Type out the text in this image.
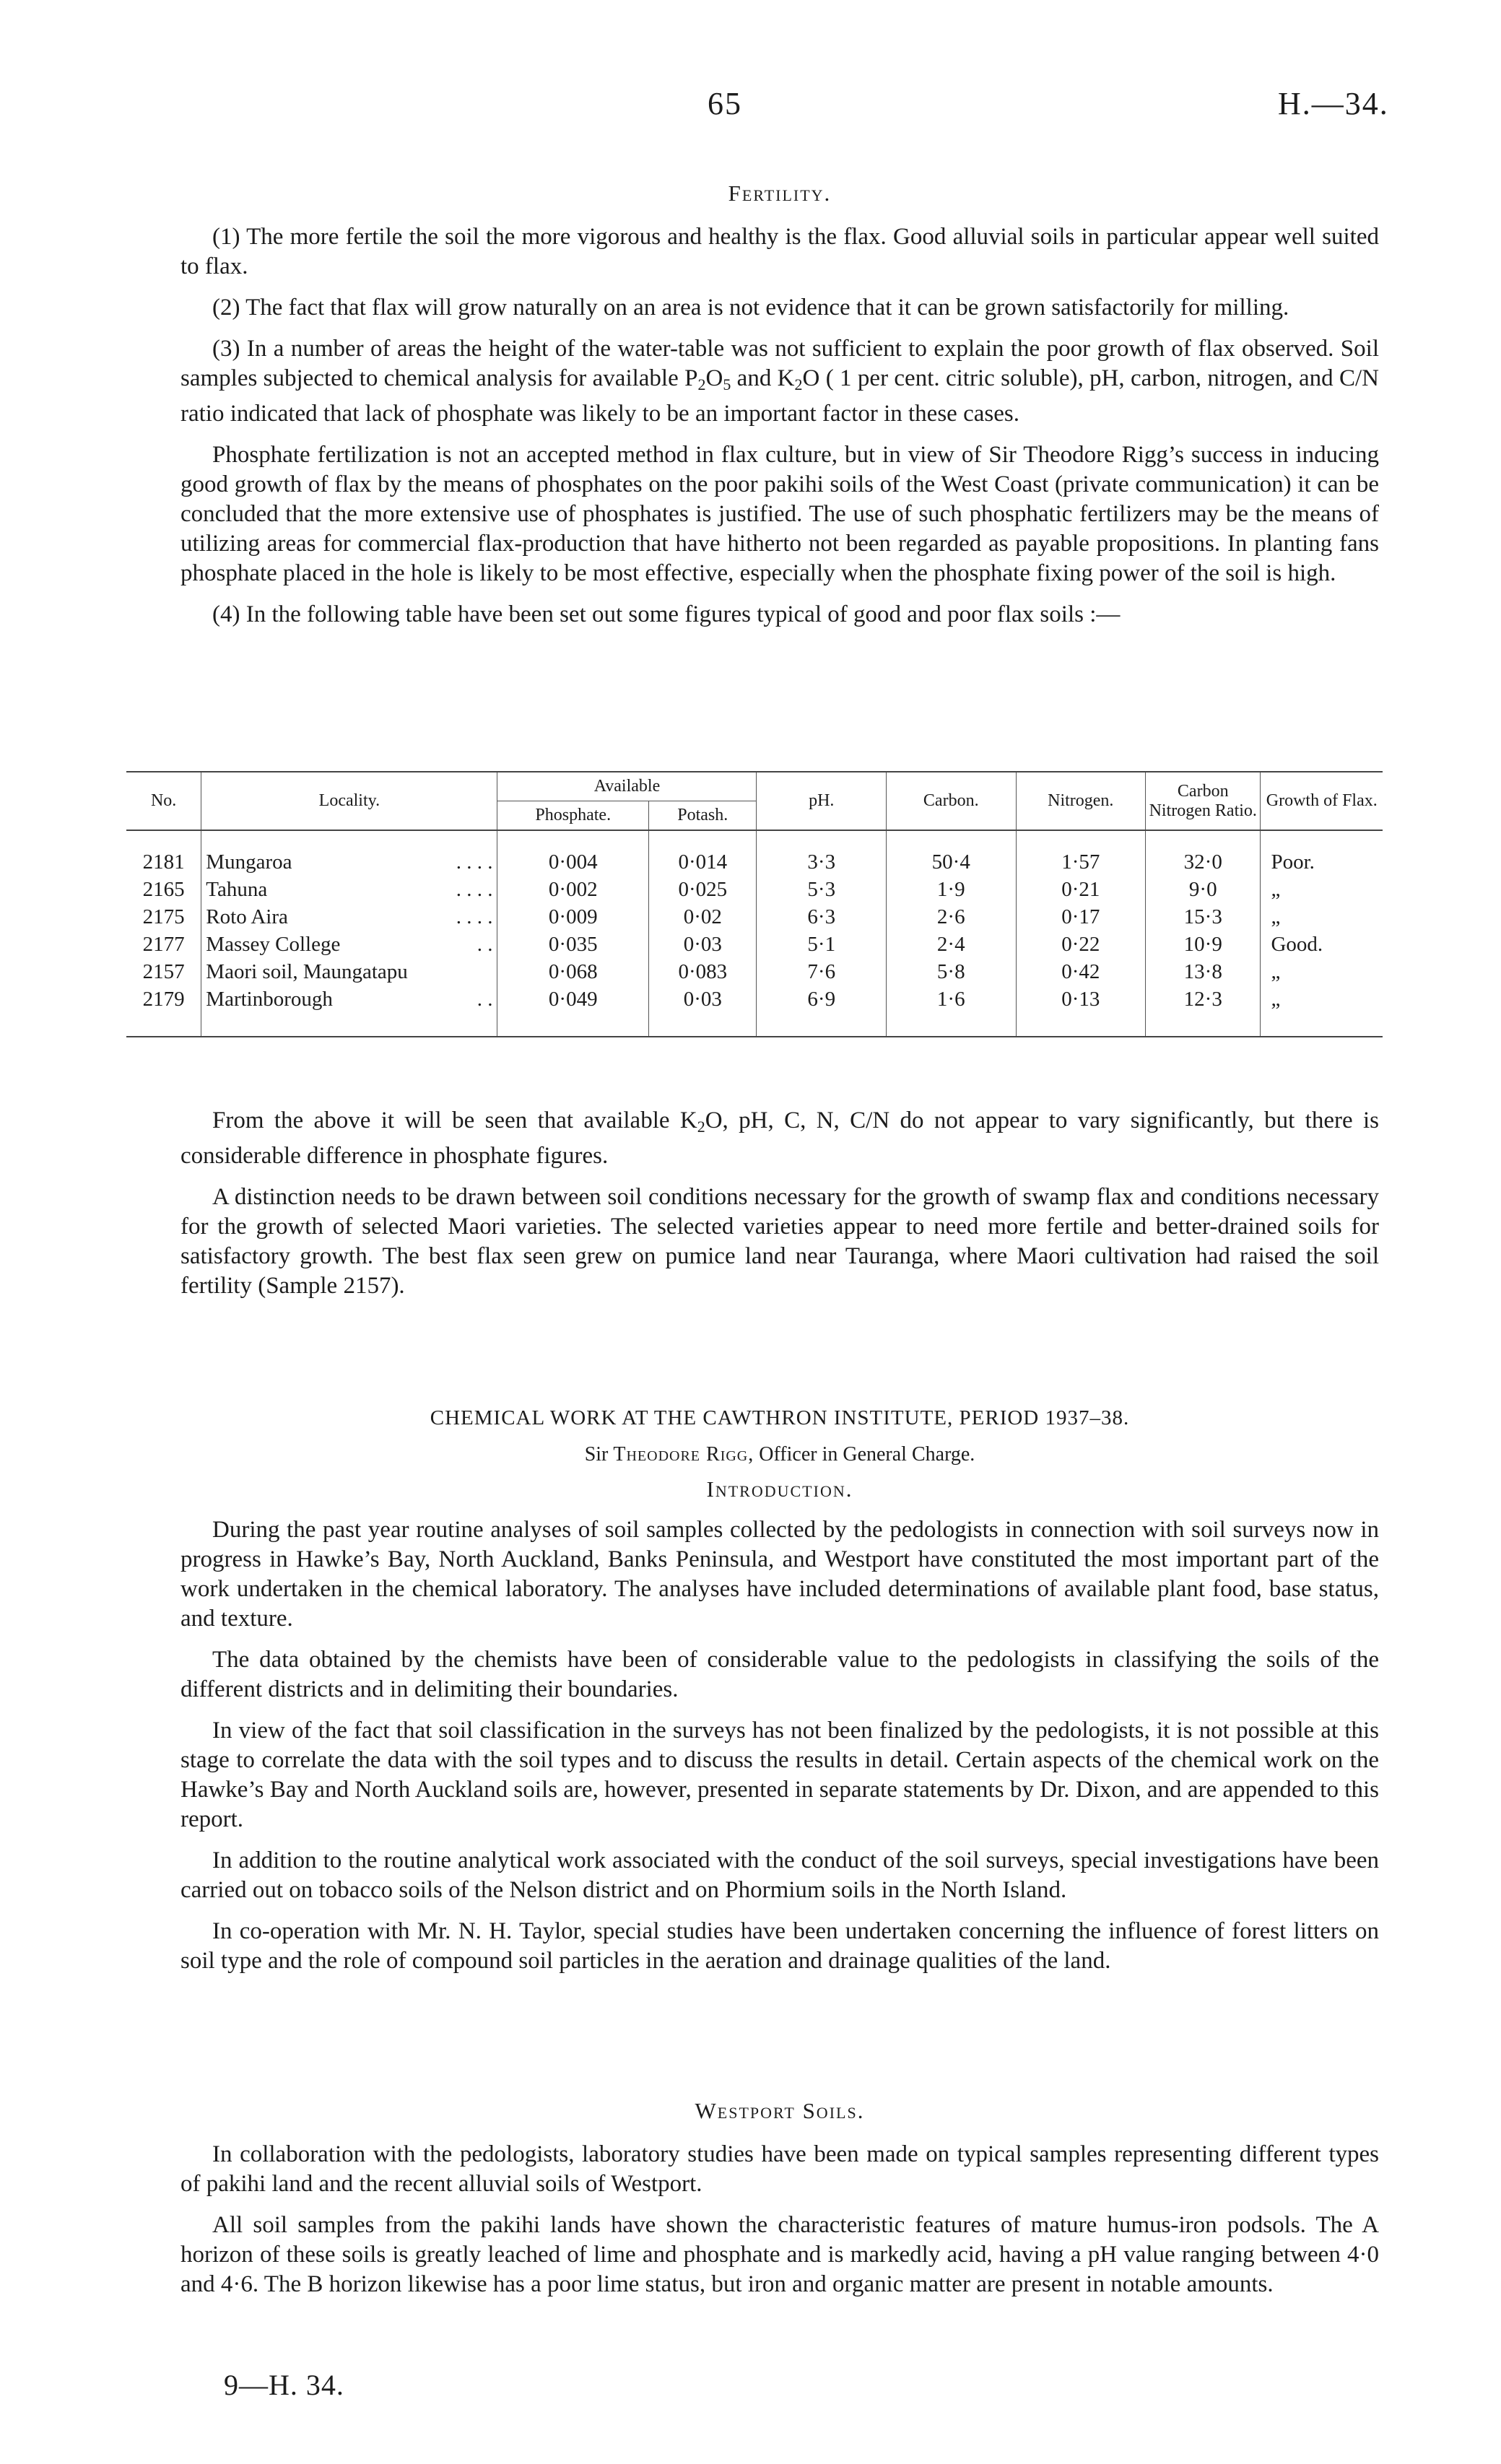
65	H.—34.
Fertility.

(1) The more fertile the soil the more vigorous and healthy is the flax. Good alluvial soils in particular appear well suited to flax.

(2) The fact that flax will grow naturally on an area is not evidence that it can be grown satisfactorily for milling.

(3) In a number of areas the height of the water-table was not sufficient to explain the poor growth of flax observed. Soil samples subjected to chemical analysis for available $P_2O_5$ and $K_2O$ ( 1 per cent. citric soluble), pH, carbon, nitrogen, and C/N ratio indicated that lack of phosphate was likely to be an important factor in these cases.

Phosphate fertilization is not an accepted method in flax culture, but in view of Sir Theodore Rigg’s success in inducing good growth of flax by the means of phosphates on the poor pakihi soils of the West Coast (private communication) it can be concluded that the more extensive use of phosphates is justified. The use of such phosphatic fertilizers may be the means of utilizing areas for commercial flax-production that have hitherto not been regarded as payable propositions. In planting fans phosphate placed in the hole is likely to be most effective, especially when the phosphate fixing power of the soil is high.

(4) In the following table have been set out some figures typical of good and poor flax soils :—

No.	Locality.	Available		pH.	Carbon.	Nitrogen.	Carbon Nitrogen Ratio.	Growth of Flax.
		Phosphate.	Potash.					

2181	Mungaroa . . . .	0·004	0·014	3·3	50·4	1·57	32·0	Poor.
2165	Tahuna . . . .	0·002	0·025	5·3	1·9	0·21	9·0	„
2175	Roto Aira . . . .	0·009	0·02	6·3	2·6	0·17	15·3	„
2177	Massey College . .	0·035	0·03	5·1	2·4	0·22	10·9	Good.
2157	Maori soil, Maungatapu	0·068	0·083	7·6	5·8	0·42	13·8	„
2179	Martinborough . .	0·049	0·03	6·9	1·6	0·13	12·3	„

From the above it will be seen that available $K_2O$, pH, C, N, C/N do not appear to vary significantly, but there is considerable difference in phosphate figures.

A distinction needs to be drawn between soil conditions necessary for the growth of swamp flax and conditions necessary for the growth of selected Maori varieties. The selected varieties appear to need more fertile and better-drained soils for satisfactory growth. The best flax seen grew on pumice land near Tauranga, where Maori cultivation had raised the soil fertility (Sample 2157).

CHEMICAL WORK AT THE CAWTHRON INSTITUTE, PERIOD 1937–38.
Sir Theodore Rigg, Officer in General Charge.
Introduction.

During the past year routine analyses of soil samples collected by the pedologists in connection with soil surveys now in progress in Hawke’s Bay, North Auckland, Banks Peninsula, and Westport have constituted the most important part of the work undertaken in the chemical laboratory. The analyses have included determinations of available plant food, base status, and texture.

The data obtained by the chemists have been of considerable value to the pedologists in classifying the soils of the different districts and in delimiting their boundaries.

In view of the fact that soil classification in the surveys has not been finalized by the pedologists, it is not possible at this stage to correlate the data with the soil types and to discuss the results in detail. Certain aspects of the chemical work on the Hawke’s Bay and North Auckland soils are, however, presented in separate statements by Dr. Dixon, and are appended to this report.

In addition to the routine analytical work associated with the conduct of the soil surveys, special investigations have been carried out on tobacco soils of the Nelson district and on Phormium soils in the North Island.

In co-operation with Mr. N. H. Taylor, special studies have been undertaken concerning the influence of forest litters on soil type and the role of compound soil particles in the aeration and drainage qualities of the land.

Westport Soils.

In collaboration with the pedologists, laboratory studies have been made on typical samples representing different types of pakihi land and the recent alluvial soils of Westport.

All soil samples from the pakihi lands have shown the characteristic features of mature humus-iron podsols. The A horizon of these soils is greatly leached of lime and phosphate and is markedly acid, having a pH value ranging between 4·0 and 4·6. The B horizon likewise has a poor lime status, but iron and organic matter are present in notable amounts.

9—H. 34.
